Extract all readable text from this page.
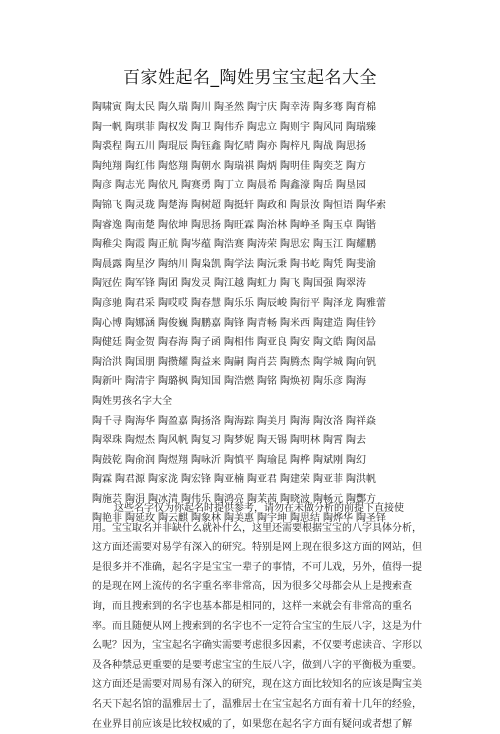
百家姓起名_陶姓男宝宝起名大全
陶啸寅 陶太民 陶久瑞 陶川 陶圣然 陶宁庆 陶幸涛 陶多骞 陶育棉
陶一帆 陶琪菲 陶权发 陶卫 陶伟乔 陶忠立 陶则宇 陶风同 陶瑞臻
陶裘程 陶五川 陶琨辰 陶钰鑫 陶忆晴 陶亦 陶梓凡 陶战 陶思扬
陶纯翔 陶红伟 陶悠翔 陶朝水 陶瑞祺 陶炳 陶明佳 陶奕芝 陶方
陶彦 陶志光 陶依凡 陶赛勇 陶丁立 陶晨希 陶鑫濠 陶岳 陶垦园
陶锦飞 陶灵珑 陶楚海 陶树超 陶挺轩 陶政和 陶景汝 陶恒语 陶华索
陶睿逸 陶南楚 陶依坤 陶思扬 陶旺霖 陶治林 陶峥圣 陶玉卓 陶锴
陶稚尖 陶霞 陶正航 陶岑蕴 陶浩赛 陶涛荣 陶思宏 陶玉江 陶耀鹏
陶晨露 陶星汐 陶纳川 陶枭凯 陶学法 陶沅秉 陶书屹 陶凭 陶斐渝
陶冠佐 陶军锋 陶团 陶发灵 陶江越 陶虹力 陶飞 陶国强 陶翠涛
陶彦驰 陶君采 陶哎哎 陶春慧 陶乐乐 陶辰峻 陶衍平 陶泽龙 陶雅蕾
陶心博 陶娜涵 陶俊巍 陶鹏嘉 陶锋 陶青畅 陶米西 陶建造 陶佳钤
陶健廷 陶金贺 陶春海 陶子函 陶相伟 陶亚良 陶安 陶文皓 陶闵晶
陶洽洪 陶国朋 陶攒耀 陶益来 陶嗣 陶肖芸 陶腾杰 陶学城 陶向钒
陶新叶 陶清宇 陶璐枫 陶知国 陶浩燃 陶铭 陶焕初 陶乐彦 陶海
陶姓男孩名字大全
陶千寻 陶海华 陶盈嘉 陶扬洛 陶海踪 陶美月 陶海 陶汝洛 陶祥焱
陶翠珠 陶煜杰 陶风帆 陶复习 陶梦妮 陶天锡 陶明林 陶霄 陶去
陶鼓乾 陶俞润 陶煜翔 陶咏沂 陶慎平 陶瑜昆 陶桦 陶斌刚 陶幻
陶霖 陶君源 陶家泷 陶宏锋 陶亚楠 陶亚君 陶建荣 陶亚菲 陶洪帆
陶施芸 陶涓 陶冰清 陶伟乐 陶鸿亮 陶茉茜 陶晓波 陶畅元 陶酆方
陶艳非 陶延玫 陶云麒 陶象林 陶美惠 陶宇坤 陶思结 陶烨华 陶圣铎
这些名字仅为你起名时提供参考，请勿在未做分析的前提下直接使用。宝宝取名并非缺什么就补什么，这里还需要根据宝宝的八字具体分析，这方面还需要对易学有深入的研究。特别是网上现在很多这方面的网站，但是很多并不准确，起名字是宝宝一辈子的事情，不可儿戏，另外，值得一提的是现在网上流传的名字重名率非常高，因为很多父母都会从上是搜索查询，而且搜索到的名字也基本都是相同的，这样一来就会有非常高的重名率。而且随便从网上搜索到的名字也不一定符合宝宝的生辰八字，这是为什么呢？因为，宝宝起名字确实需要考虑很多因素，不仅要考虑读音、字形以及各种禁忌更重要的是要考虑宝宝的生辰八字，做到八字的平衡极为重要。这方面还是需要对周易有深入的研究，现在这方面比较知名的应该是陶宝美名天下起名馆的温雅居士了，温雅居士在宝宝起名方面有着十几年的经验，在业界目前应该是比较权威的了，如果您在起名字方面有疑问或者想了解
